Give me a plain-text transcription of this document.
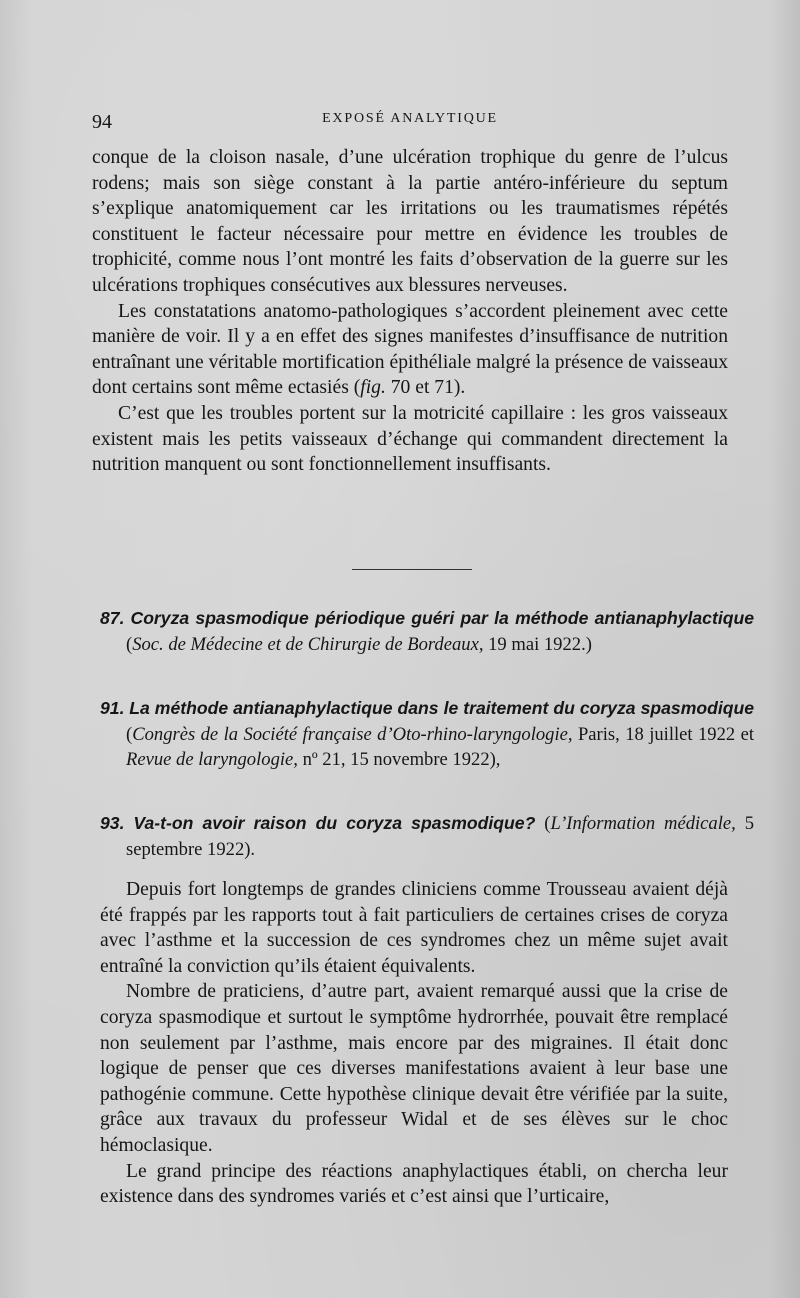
94	EXPOSÉ ANALYTIQUE

conque de la cloison nasale, d’une ulcération trophique du genre de l’ulcus rodens; mais son siège constant à la partie antéro-inférieure du septum s’explique anatomiquement car les irritations ou les traumatismes répétés constituent le facteur nécessaire pour mettre en évidence les troubles de trophicité, comme nous l’ont montré les faits d’observation de la guerre sur les ulcérations trophiques consécutives aux blessures nerveuses.

Les constatations anatomo-pathologiques s’accordent pleinement avec cette manière de voir. Il y a en effet des signes manifestes d’insuffisance de nutrition entraînant une véritable mortification épithéliale malgré la présence de vaisseaux dont certains sont même ectasiés (fig. 70 et 71).

C’est que les troubles portent sur la motricité capillaire : les gros vaisseaux existent mais les petits vaisseaux d’échange qui commandent directement la nutrition manquent ou sont fonctionnellement insuffisants.

87. Coryza spasmodique périodique guéri par la méthode antianaphylactique (Soc. de Médecine et de Chirurgie de Bordeaux, 19 mai 1922.)
91. La méthode antianaphylactique dans le traitement du coryza spasmodique (Congrès de la Société française d’Oto-rhino-laryngologie, Paris, 18 juillet 1922 et Revue de laryngologie, nº 21, 15 novembre 1922),
93. Va-t-on avoir raison du coryza spasmodique? (L’Information médicale, 5 septembre 1922).

Depuis fort longtemps de grandes cliniciens comme Trousseau avaient déjà été frappés par les rapports tout à fait particuliers de certaines crises de coryza avec l’asthme et la succession de ces syndromes chez un même sujet avait entraîné la conviction qu’ils étaient équivalents.

Nombre de praticiens, d’autre part, avaient remarqué aussi que la crise de coryza spasmodique et surtout le symptôme hydrorrhée, pouvait être remplacé non seulement par l’asthme, mais encore par des migraines. Il était donc logique de penser que ces diverses manifestations avaient à leur base une pathogénie commune. Cette hypothèse clinique devait être vérifiée par la suite, grâce aux travaux du professeur Widal et de ses élèves sur le choc hémoclasique.

Le grand principe des réactions anaphylactiques établi, on chercha leur existence dans des syndromes variés et c’est ainsi que l’urticaire,
